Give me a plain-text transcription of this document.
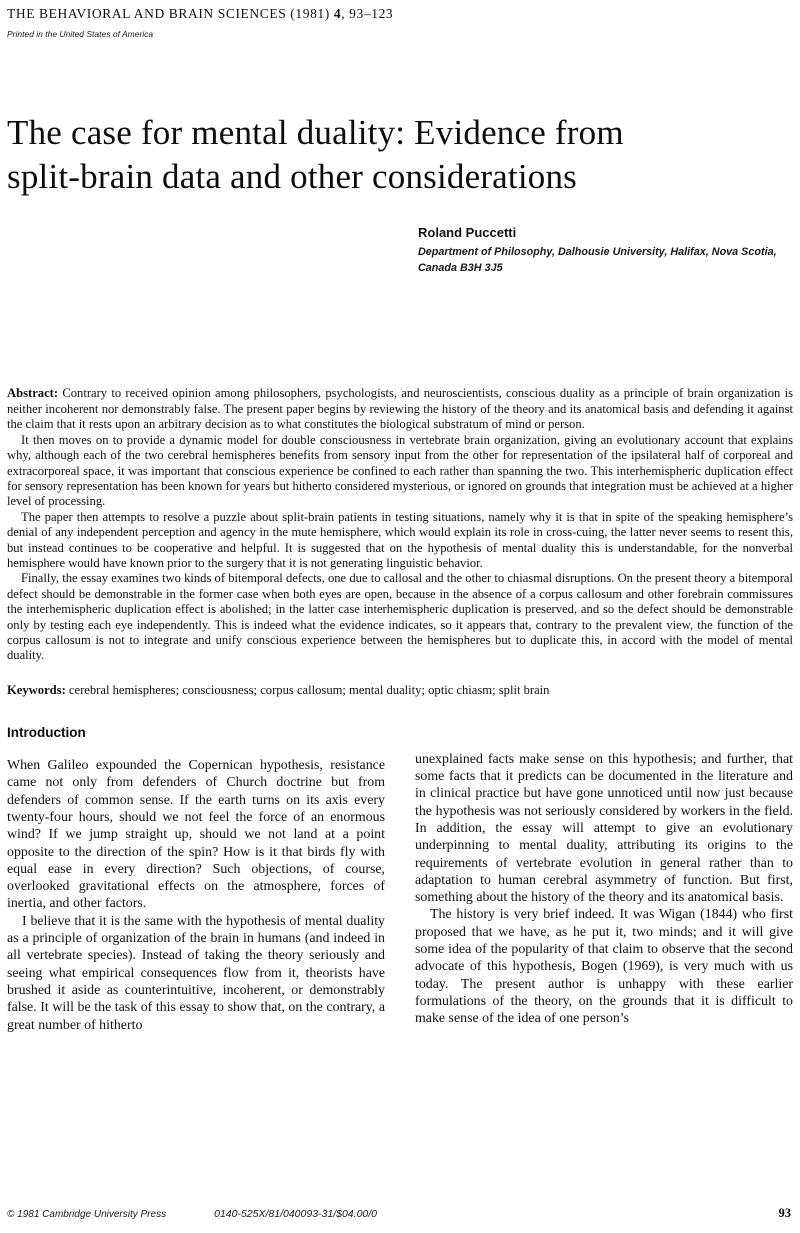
THE BEHAVIORAL AND BRAIN SCIENCES (1981) 4, 93–123
Printed in the United States of America
The case for mental duality: Evidence from
split-brain data and other considerations
Roland Puccetti
Department of Philosophy, Dalhousie University, Halifax, Nova Scotia,
Canada B3H 3J5

Abstract: Contrary to received opinion among philosophers, psychologists, and neuroscientists, conscious duality as a principle of brain organization is neither incoherent nor demonstrably false. The present paper begins by reviewing the history of the theory and its anatomical basis and defending it against the claim that it rests upon an arbitrary decision as to what constitutes the biological substratum of mind or person.

It then moves on to provide a dynamic model for double consciousness in vertebrate brain organization, giving an evolutionary account that explains why, although each of the two cerebral hemispheres benefits from sensory input from the other for representation of the ipsilateral half of corporeal and extracorporeal space, it was important that conscious experience be confined to each rather than spanning the two. This interhemispheric duplication effect for sensory representation has been known for years but hitherto considered mysterious, or ignored on grounds that integration must be achieved at a higher level of processing.

The paper then attempts to resolve a puzzle about split-brain patients in testing situations, namely why it is that in spite of the speaking hemisphere’s denial of any independent perception and agency in the mute hemisphere, which would explain its role in cross-cuing, the latter never seems to resent this, but instead continues to be cooperative and helpful. It is suggested that on the hypothesis of mental duality this is understandable, for the nonverbal hemisphere would have known prior to the surgery that it is not generating linguistic behavior.

Finally, the essay examines two kinds of bitemporal defects, one due to callosal and the other to chiasmal disruptions. On the present theory a bitemporal defect should be demonstrable in the former case when both eyes are open, because in the absence of a corpus callosum and other forebrain commissures the interhemispheric duplication effect is abolished; in the latter case interhemispheric duplication is preserved, and so the defect should be demonstrable only by testing each eye independently. This is indeed what the evidence indicates, so it appears that, contrary to the prevalent view, the function of the corpus callosum is not to integrate and unify conscious experience between the hemispheres but to duplicate this, in accord with the model of mental duality.

Keywords: cerebral hemispheres; consciousness; corpus callosum; mental duality; optic chiasm; split brain

Introduction

When Galileo expounded the Copernican hypothesis, resistance came not only from defenders of Church doctrine but from defenders of common sense. If the earth turns on its axis every twenty-four hours, should we not feel the force of an enormous wind? If we jump straight up, should we not land at a point opposite to the direction of the spin? How is it that birds fly with equal ease in every direction? Such objections, of course, overlooked gravitational effects on the atmosphere, forces of inertia, and other factors.

I believe that it is the same with the hypothesis of mental duality as a principle of organization of the brain in humans (and indeed in all vertebrate species). Instead of taking the theory seriously and seeing what empirical consequences flow from it, theorists have brushed it aside as counterintuitive, incoherent, or demonstrably false. It will be the task of this essay to show that, on the contrary, a great number of hitherto

unexplained facts make sense on this hypothesis; and further, that some facts that it predicts can be documented in the literature and in clinical practice but have gone unnoticed until now just because the hypothesis was not seriously considered by workers in the field. In addition, the essay will attempt to give an evolutionary underpinning to mental duality, attributing its origins to the requirements of vertebrate evolution in general rather than to adaptation to human cerebral asymmetry of function. But first, something about the history of the theory and its anatomical basis.

The history is very brief indeed. It was Wigan (1844) who first proposed that we have, as he put it, two minds; and it will give some idea of the popularity of that claim to observe that the second advocate of this hypothesis, Bogen (1969), is very much with us today. The present author is unhappy with these earlier formulations of the theory, on the grounds that it is difficult to make sense of the idea of one person’s

© 1981 Cambridge University Press	0140-525X/81/040093-31/$04.00/0	93
